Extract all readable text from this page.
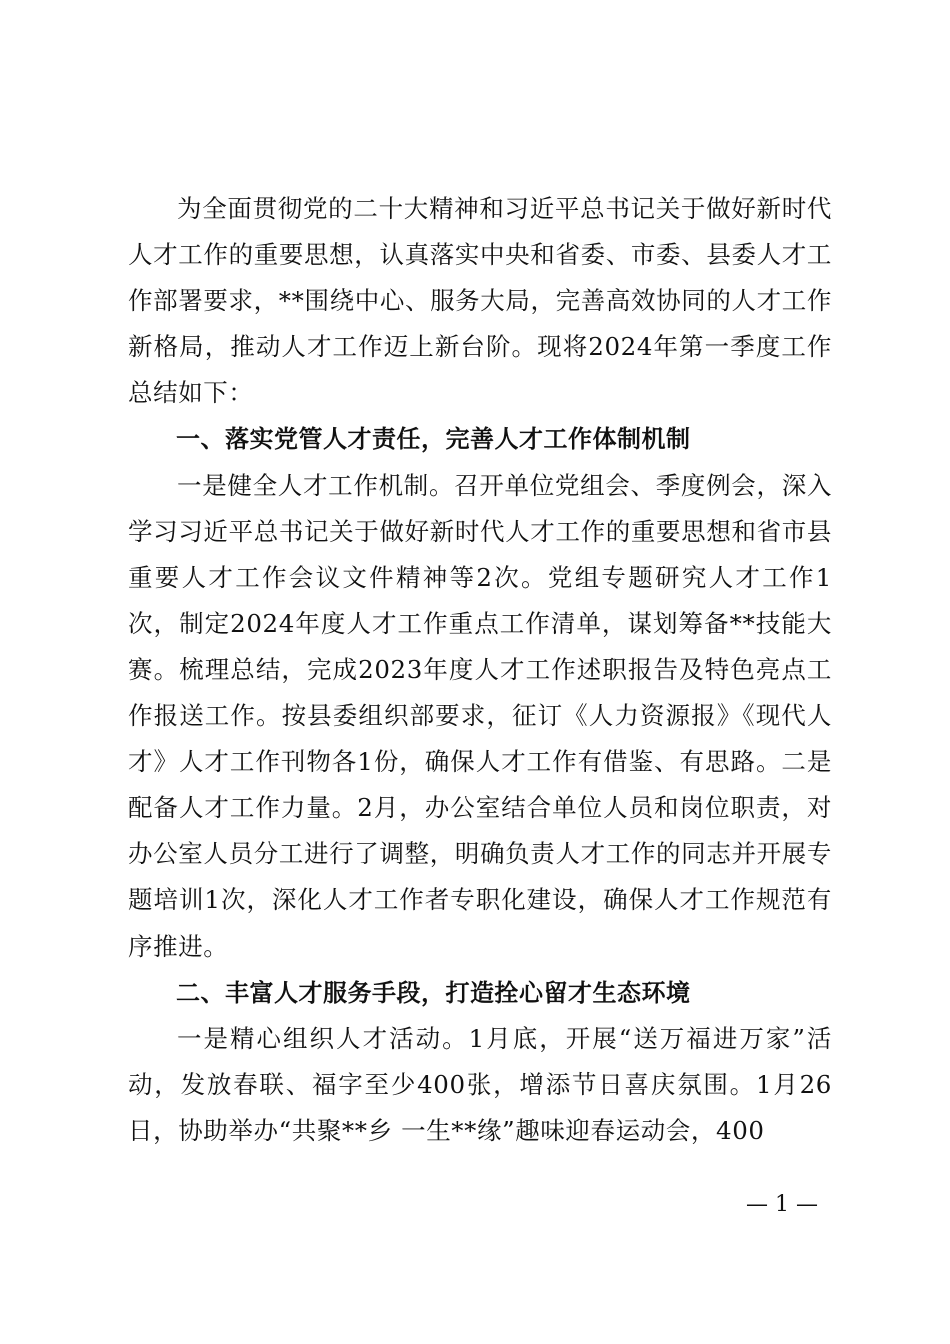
为全面贯彻党的二十大精神和习近平总书记关于做好新时代人才工作的重要思想，认真落实中央和省委、市委、县委人才工作部署要求，**围绕中心、服务大局，完善高效协同的人才工作新格局，推动人才工作迈上新台阶。现将2024年第一季度工作总结如下：

一、落实党管人才责任，完善人才工作体制机制

一是健全人才工作机制。召开单位党组会、季度例会，深入学习习近平总书记关于做好新时代人才工作的重要思想和省市县重要人才工作会议文件精神等2次。党组专题研究人才工作1次，制定2024年度人才工作重点工作清单，谋划筹备**技能大赛。梳理总结，完成2023年度人才工作述职报告及特色亮点工作报送工作。按县委组织部要求，征订《人力资源报》《现代人才》人才工作刊物各1份，确保人才工作有借鉴、有思路。二是配备人才工作力量。2月，办公室结合单位人员和岗位职责，对办公室人员分工进行了调整，明确负责人才工作的同志并开展专题培训1次，深化人才工作者专职化建设，确保人才工作规范有序推进。

二、丰富人才服务手段，打造拴心留才生态环境

一是精心组织人才活动。1月底，开展“送万福进万家”活动，发放春联、福字至少400张，增添节日喜庆氛围。1月26日，协助举办“共聚**乡 一生**缘”趣味迎春运动会，400

— 1 —
